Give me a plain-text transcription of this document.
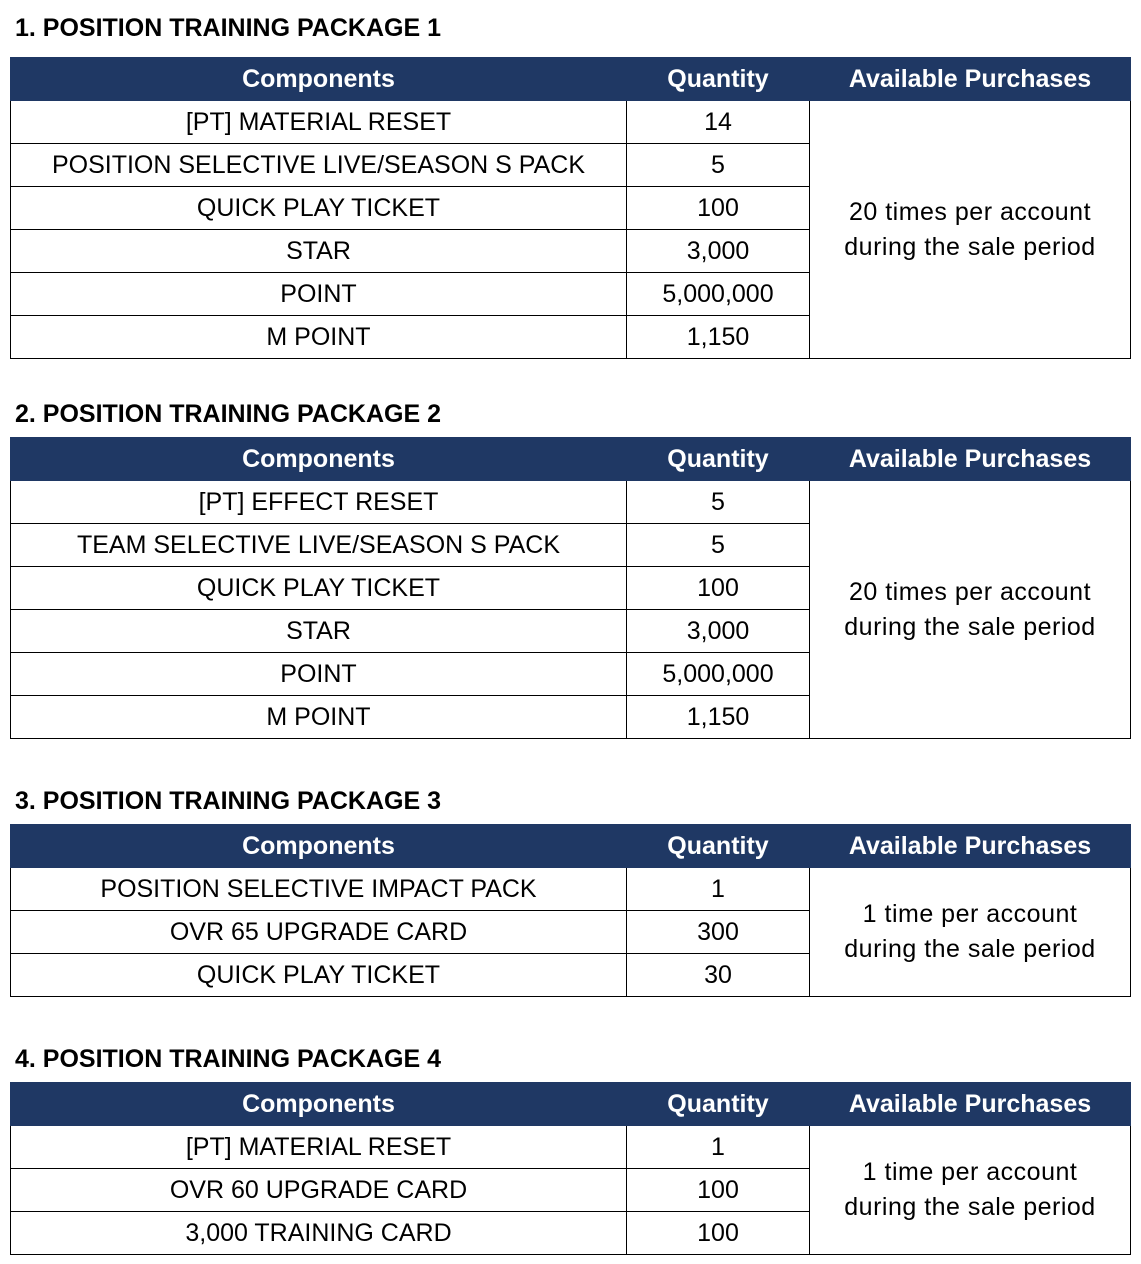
1. POSITION TRAINING PACKAGE 1
Components	Quantity	Available Purchases
[PT] MATERIAL RESET	14	20 times per account
during the sale period
POSITION SELECTIVE LIVE/SEASON S PACK	5	
QUICK PLAY TICKET	100	
STAR	3,000	
POINT	5,000,000	
M POINT	1,150	
2. POSITION TRAINING PACKAGE 2
Components	Quantity	Available Purchases
[PT] EFFECT RESET	5	20 times per account
during the sale period
TEAM SELECTIVE LIVE/SEASON S PACK	5	
QUICK PLAY TICKET	100	
STAR	3,000	
POINT	5,000,000	
M POINT	1,150	
3. POSITION TRAINING PACKAGE 3
Components	Quantity	Available Purchases
POSITION SELECTIVE IMPACT PACK	1	1 time per account
during the sale period
OVR 65 UPGRADE CARD	300	
QUICK PLAY TICKET	30	
4. POSITION TRAINING PACKAGE 4
Components	Quantity	Available Purchases
[PT] MATERIAL RESET	1	1 time per account
during the sale period
OVR 60 UPGRADE CARD	100	
3,000 TRAINING CARD	100	
